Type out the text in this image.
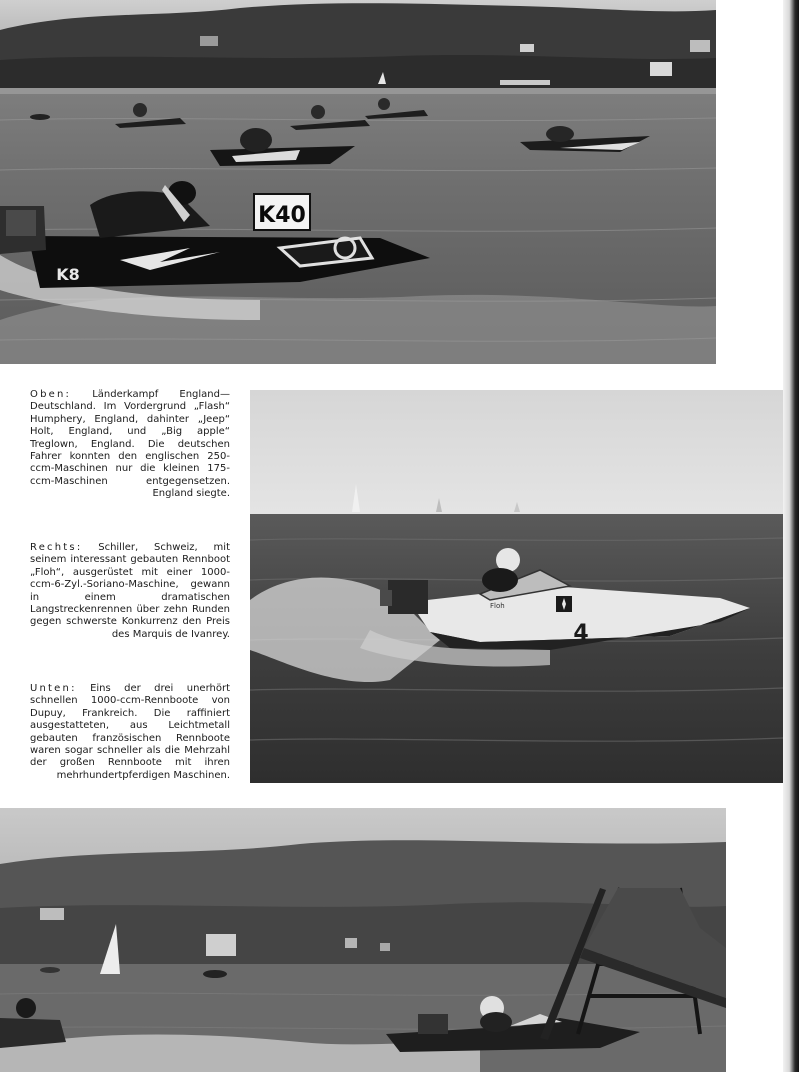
K40
K8
4
Floh
Oben: Länderkampf England—Deutschland. Im Vordergrund „Flash“ Humphery, England, dahinter „Jeep“ Holt, England, und „Big apple“ Treglown, England. Die deutschen Fahrer konnten den englischen 250-ccm-Maschinen nur die kleinen 175-ccm-Maschinen entgegensetzen. England siegte.
Rechts: Schiller, Schweiz, mit seinem interessant gebauten Rennboot „Floh“, ausgerüstet mit einer 1000-ccm-6-Zyl.-Soriano-Maschine, gewann in einem dramatischen Langstreckenrennen über zehn Runden gegen schwerste Konkurrenz den Preis des Marquis de Ivanrey.
Unten: Eins der drei unerhört schnellen 1000-ccm-Rennboote von Dupuy, Frankreich. Die raffiniert ausgestatteten, aus Leichtmetall gebauten französischen Rennboote waren sogar schneller als die Mehrzahl der großen Rennboote mit ihren mehrhundertpferdigen Maschinen.
